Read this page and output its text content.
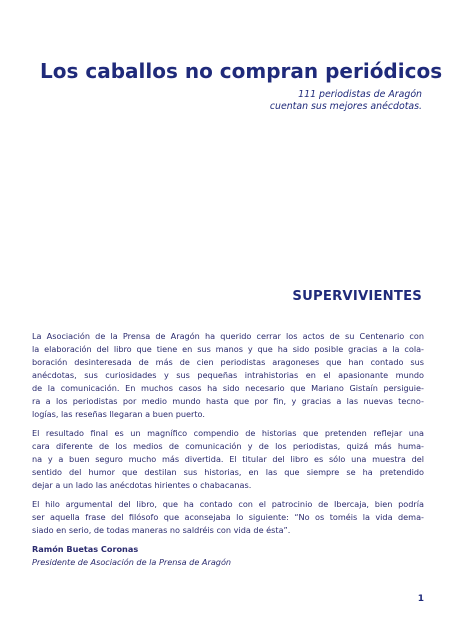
Los caballos no compran periódicos
111 periodistas de Aragón
cuentan sus mejores anécdotas.
SUPERVIVIENTES
La Asociación de la Prensa de Aragón ha querido cerrar los actos de su Centenario con
la elaboración del libro que tiene en sus manos y que ha sido posible gracias a la cola-
boración desinteresada de más de cien periodistas aragoneses que han contado sus
anécdotas, sus curiosidades y sus pequeñas intrahistorias en el apasionante mundo
de la comunicación. En muchos casos ha sido necesario que Mariano Gistaín persiguie-
ra a los periodistas por medio mundo hasta que por fin, y gracias a las nuevas tecno-
logías, las reseñas llegaran a buen puerto.
El resultado final es un magnífico compendio de historias que pretenden reflejar una
cara diferente de los medios de comunicación y de los periodistas, quizá más huma-
na y a buen seguro mucho más divertida. El titular del libro es sólo una muestra del
sentido del humor que destilan sus historias, en las que siempre se ha pretendido
dejar a un lado las anécdotas hirientes o chabacanas.
El hilo argumental del libro, que ha contado con el patrocinio de Ibercaja, bien podría
ser aquella frase del filósofo que aconsejaba lo siguiente: “No os toméis la vida dema-
siado en serio, de todas maneras no saldréis con vida de ésta”.
Ramón Buetas Coronas
Presidente de Asociación de la Prensa de Aragón
1
